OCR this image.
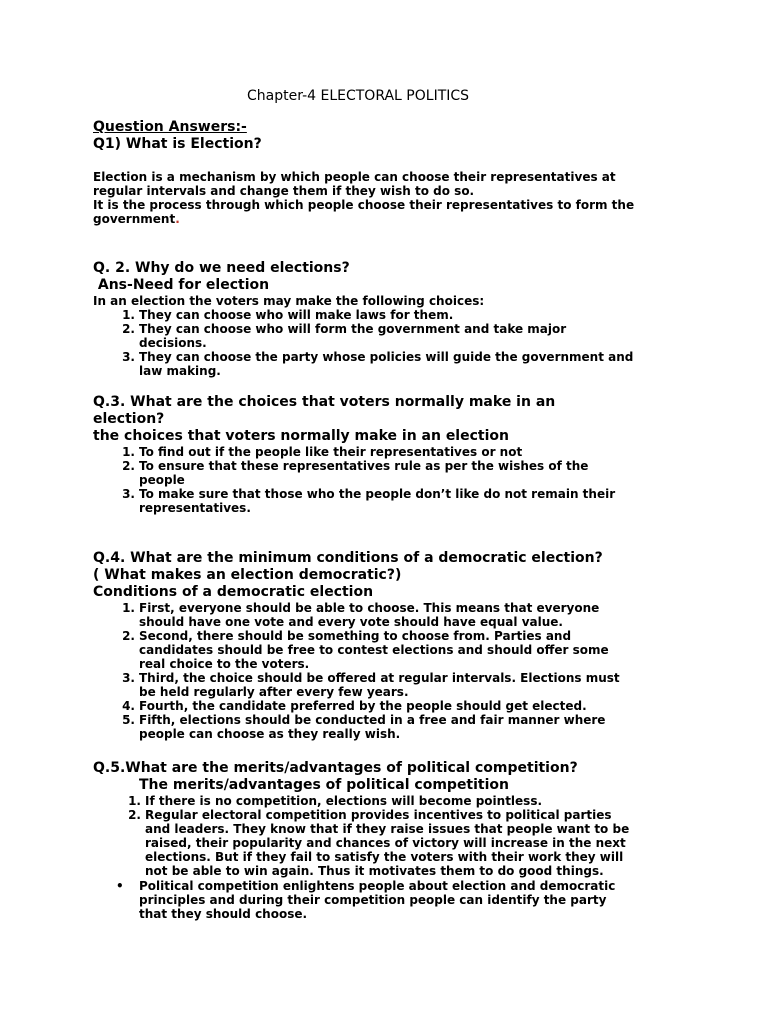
Chapter-4 ELECTORAL POLITICS
Question Answers:-
Q1) What is Election?

Election is a mechanism by which people can choose their representatives at

regular intervals and change them if they wish to do so.

It is the process through which people choose their representatives to form the

government.

Q. 2. Why do we need elections?
Ans-Need for election

In an election the voters may make the following choices:

1. They can choose who will make laws for them.
2. They can choose who will form the government and take major
decisions.
3. They can choose the party whose policies will guide the government and
law making.
Q.3. What are the choices that voters normally make in an
election?
the choices that voters normally make in an election
1. To find out if the people like their representatives or not
2. To ensure that these representatives rule as per the wishes of the
people
3. To make sure that those who the people don’t like do not remain their
representatives.
Q.4. What are the minimum conditions of a democratic election?
( What makes an election democratic?)
Conditions of a democratic election
1. First, everyone should be able to choose. This means that everyone
should have one vote and every vote should have equal value.
2. Second, there should be something to choose from. Parties and
candidates should be free to contest elections and should offer some
real choice to the voters.
3. Third, the choice should be offered at regular intervals. Elections must
be held regularly after every few years.
4. Fourth, the candidate preferred by the people should get elected.
5. Fifth, elections should be conducted in a free and fair manner where
people can choose as they really wish.
Q.5.What are the merits/advantages of political competition?
The merits/advantages of political competition
1. If there is no competition, elections will become pointless.
2. Regular electoral competition provides incentives to political parties
and leaders. They know that if they raise issues that people want to be
raised, their popularity and chances of victory will increase in the next
elections. But if they fail to satisfy the voters with their work they will
not be able to win again. Thus it motivates them to do good things.
• Political competition enlightens people about election and democratic
principles and during their competition people can identify the party
that they should choose.
